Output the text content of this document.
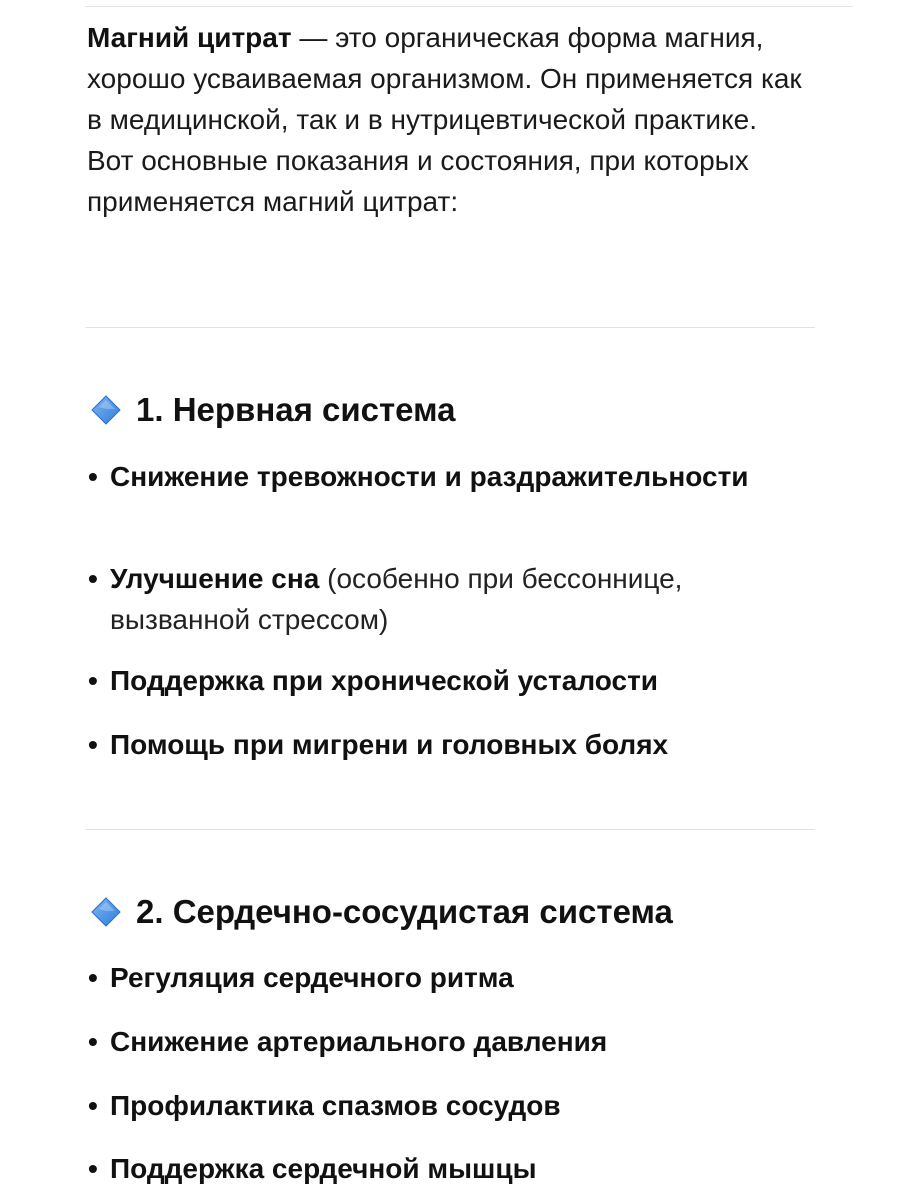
Магний цитрат — это органическая форма магния, хорошо усваиваемая организмом. Он применяется как в медицинской, так и в нутрицевтической практике. Вот основные показания и состояния, при которых применяется магний цитрат:

1. Нервная система
• Снижение тревожности и раздражительности
• Улучшение сна (особенно при бессоннице, вызванной стрессом)
• Поддержка при хронической усталости
• Помощь при мигрени и головных болях
2. Сердечно-сосудистая система
• Регуляция сердечного ритма
• Снижение артериального давления
• Профилактика спазмов сосудов
• Поддержка сердечной мышцы
